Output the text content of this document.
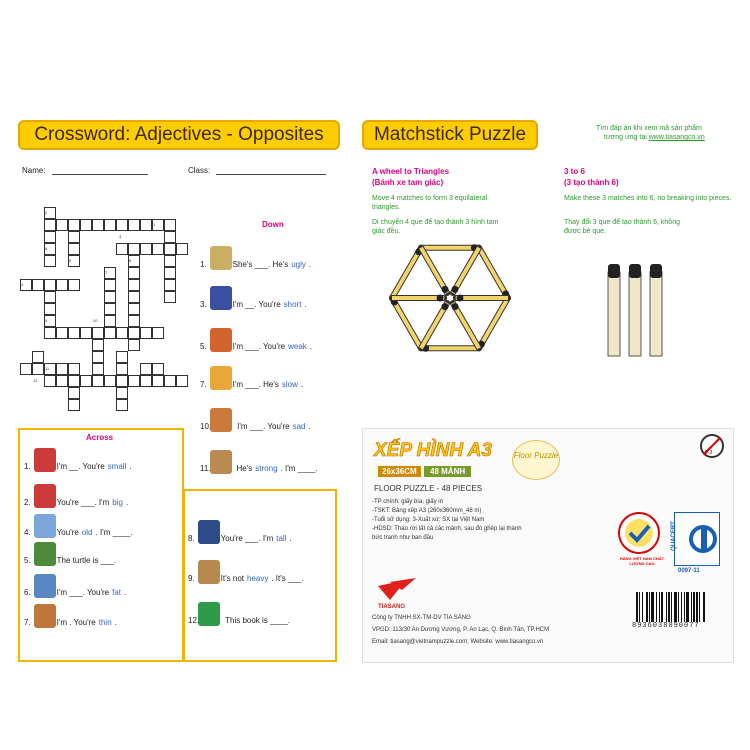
Crossword: Adjectives - Opposites
Name:	Class:
1
2
3
4
5
6
7
8
9	10
11
12
Down
1.	She's ___. He's ugly .
3.	I'm __. You're short .
5.	I'm ___. You're weak .
7.	I'm ___. He's slow .
10.	I'm ___. You're sad .
11.	He's strong . I'm ____.
Across
1.	I'm __. You're small .
2.	You're ___. I'm big .
4.	You're old . I'm ____.
5.	The turtle is ___.
6.	I'm ___. You're fat .
7.	I'm . You're thin .
8.	You're ___. I'm tall .
9.	It's not heavy . It's ___.
12.	This book is ____.
Matchstick Puzzle	Tìm đáp án khi xem mã sản phẩm
tương ứng tại www.tiasangco.vn
A wheel to Triangles
(Bánh xe tam giác)
Move 4 matches to form 3 equilateral triangles.
Di chuyển 4 que để tạo thành 3 hình tam giác đều.
3 to 6
(3 tạo thành 6)
Make these 3 matches into 6, no breaking into pieces.
Thay đổi 3 que để tạo thành 6, không được bẻ que.
XẾP HÌNH A3
26x36CM	48 MẢNH
Floor Puzzle
FLOOR PUZZLE - 48 PIECES
0-3
-TP chính: giấy bìa, giấy in
-TSKT: Bảng xếp A3 (260x360mm_48 m)
-Tuổi sử dụng: 3-Xuất xứ: SX tại Việt Nam
-HDSD: Tháo rời tất cả các mảnh, sau đó ghép lại thành
bức tranh như ban đầu
TIASANG
HÀNG VIỆT NAM CHẤT LƯỢNG CAO
QUACERT
0097-11
Công ty TNHH SX-TM-DV TIA SÁNG
VPGD: 113/30 An Dương Vương, P. An Lạc, Q. Bình Tân, TP.HCM
Email: tiasang@vietnampuzzle.com; Website: www.tiasangco.vn
8936038090077
